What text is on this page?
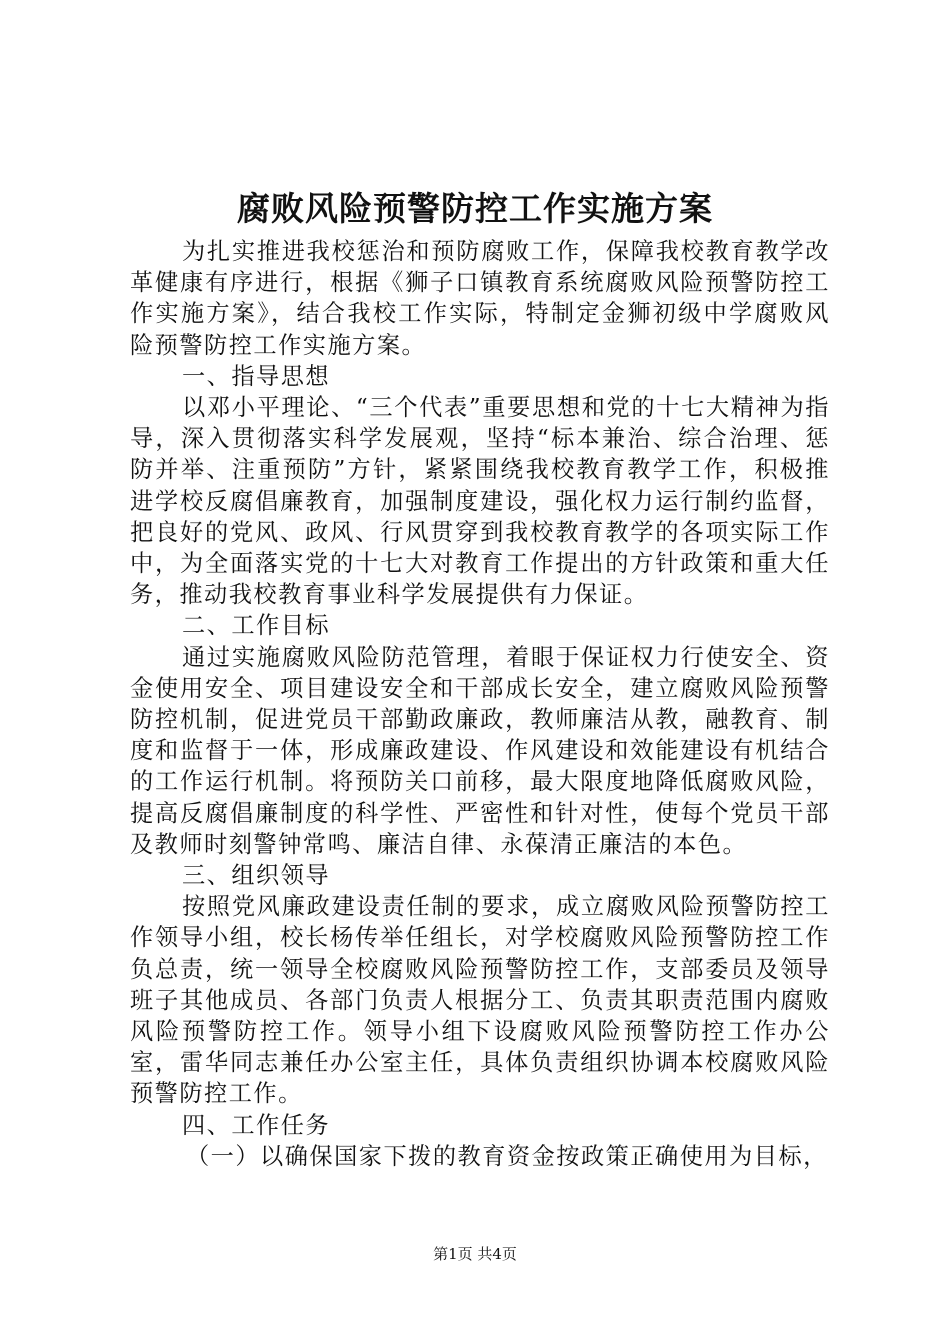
腐败风险预警防控工作实施方案

为扎实推进我校惩治和预防腐败工作，保障我校教育教学改革健康有序进行，根据《狮子口镇教育系统腐败风险预警防控工作实施方案》，结合我校工作实际，特制定金狮初级中学腐败风险预警防控工作实施方案。

一、指导思想

以邓小平理论、“三个代表”重要思想和党的十七大精神为指导，深入贯彻落实科学发展观，坚持“标本兼治、综合治理、惩防并举、注重预防”方针，紧紧围绕我校教育教学工作，积极推进学校反腐倡廉教育，加强制度建设，强化权力运行制约监督，把良好的党风、政风、行风贯穿到我校教育教学的各项实际工作中，为全面落实党的十七大对教育工作提出的方针政策和重大任务，推动我校教育事业科学发展提供有力保证。

二、工作目标

通过实施腐败风险防范管理，着眼于保证权力行使安全、资金使用安全、项目建设安全和干部成长安全，建立腐败风险预警防控机制，促进党员干部勤政廉政，教师廉洁从教，融教育、制度和监督于一体，形成廉政建设、作风建设和效能建设有机结合的工作运行机制。将预防关口前移，最大限度地降低腐败风险，提高反腐倡廉制度的科学性、严密性和针对性，使每个党员干部及教师时刻警钟常鸣、廉洁自律、永葆清正廉洁的本色。

三、组织领导

按照党风廉政建设责任制的要求，成立腐败风险预警防控工作领导小组，校长杨传举任组长，对学校腐败风险预警防控工作负总责，统一领导全校腐败风险预警防控工作，支部委员及领导班子其他成员、各部门负责人根据分工、负责其职责范围内腐败风险预警防控工作。领导小组下设腐败风险预警防控工作办公室，雷华同志兼任办公室主任，具体负责组织协调本校腐败风险预警防控工作。

四、工作任务

（一）以确保国家下拨的教育资金按政策正确使用为目标，

第1页 共4页
